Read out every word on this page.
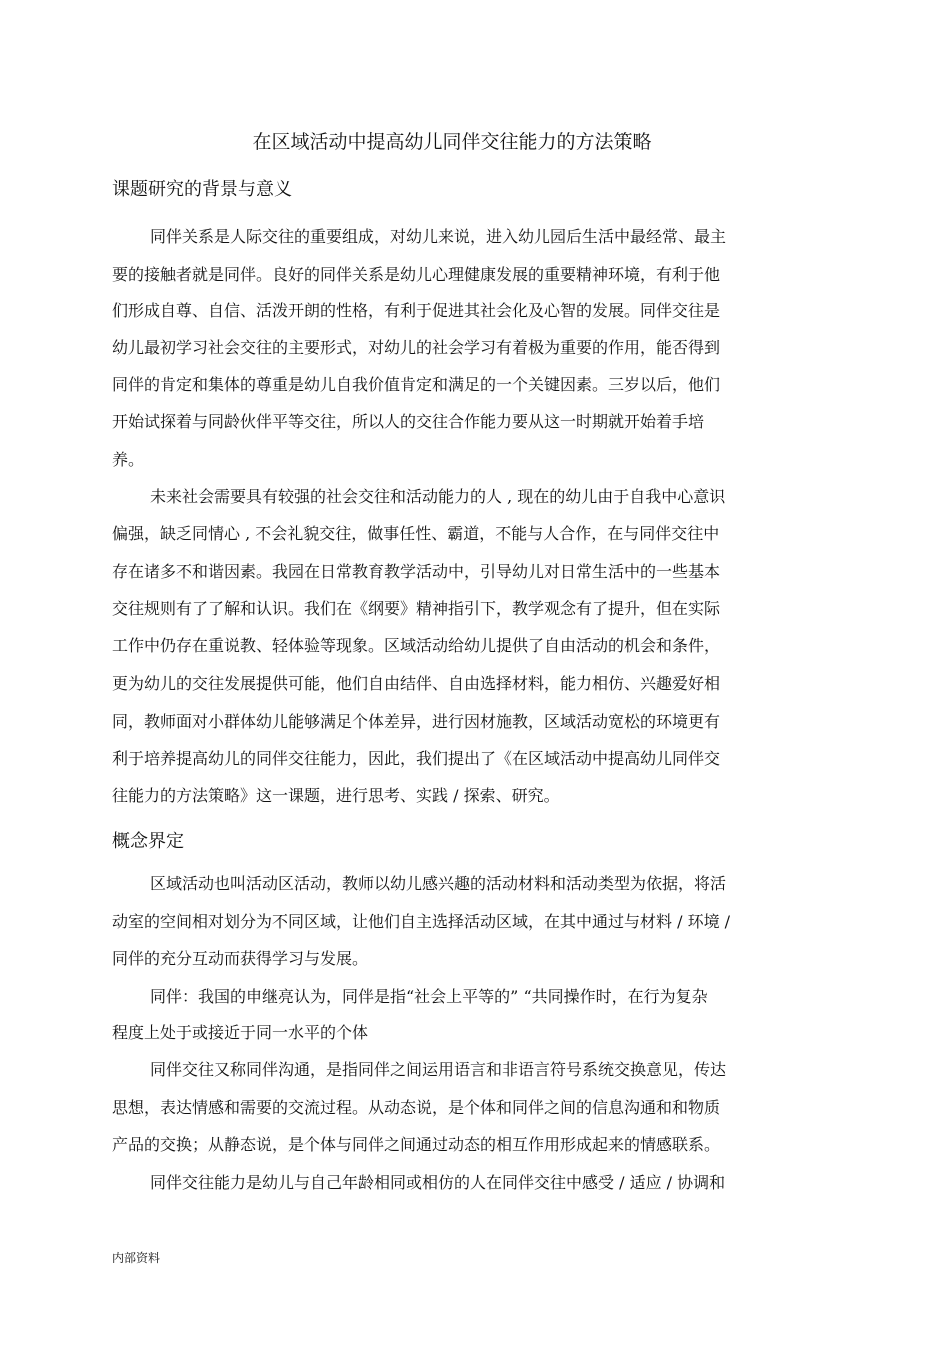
在区域活动中提高幼儿同伴交往能力的方法策略
课题研究的背景与意义
同伴关系是人际交往的重要组成，对幼儿来说，进入幼儿园后生活中最经常、最主
要的接触者就是同伴。良好的同伴关系是幼儿心理健康发展的重要精神环境，有利于他
们形成自尊、自信、活泼开朗的性格，有利于促进其社会化及心智的发展。同伴交往是
幼儿最初学习社会交往的主要形式，对幼儿的社会学习有着极为重要的作用，能否得到
同伴的肯定和集体的尊重是幼儿自我价值肯定和满足的一个关键因素。三岁以后，他们
开始试探着与同龄伙伴平等交往，所以人的交往合作能力要从这一时期就开始着手培
养。
未来社会需要具有较强的社会交往和活动能力的人 , 现在的幼儿由于自我中心意识
偏强，缺乏同情心 , 不会礼貌交往，做事任性、霸道，不能与人合作，在与同伴交往中
存在诸多不和谐因素。我园在日常教育教学活动中，引导幼儿对日常生活中的一些基本
交往规则有了了解和认识。我们在《纲要》精神指引下，教学观念有了提升，但在实际
工作中仍存在重说教、轻体验等现象。区域活动给幼儿提供了自由活动的机会和条件，
更为幼儿的交往发展提供可能，他们自由结伴、自由选择材料，能力相仿、兴趣爱好相
同，教师面对小群体幼儿能够满足个体差异，进行因材施教，区域活动宽松的环境更有
利于培养提高幼儿的同伴交往能力，因此，我们提出了《在区域活动中提高幼儿同伴交
往能力的方法策略》这一课题，进行思考、实践 / 探索、研究。
概念界定
区域活动也叫活动区活动，教师以幼儿感兴趣的活动材料和活动类型为依据，将活
动室的空间相对划分为不同区域，让他们自主选择活动区域，在其中通过与材料 / 环境 /
同伴的充分互动而获得学习与发展。
同伴：我国的申继亮认为，同伴是指“社会上平等的” “共同操作时，在行为复杂
程度上处于或接近于同一水平的个体
同伴交往又称同伴沟通，是指同伴之间运用语言和非语言符号系统交换意见，传达
思想，表达情感和需要的交流过程。从动态说，是个体和同伴之间的信息沟通和和物质
产品的交换；从静态说，是个体与同伴之间通过动态的相互作用形成起来的情感联系。
同伴交往能力是幼儿与自己年龄相同或相仿的人在同伴交往中感受 / 适应 / 协调和
内部资料
